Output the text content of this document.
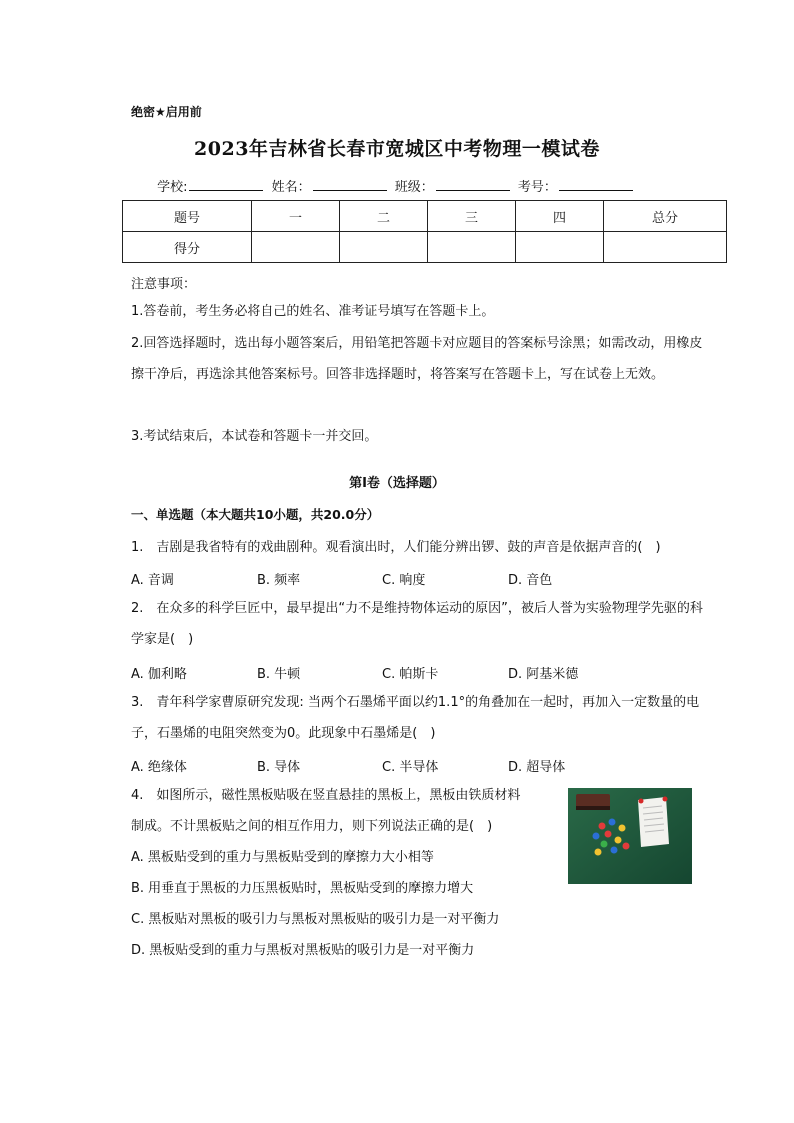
绝密★启用前
2023年吉林省长春市宽城区中考物理一模试卷
学校:	姓名：	班级：	考号：
题号	一	二	三	四	总分
得分					
注意事项：
1.答卷前，考生务必将自己的姓名、准考证号填写在答题卡上。
2.回答选择题时，选出每小题答案后，用铅笔把答题卡对应题目的答案标号涂黑；如需改动，用橡皮擦干净后，再选涂其他答案标号。回答非选择题时，将答案写在答题卡上，写在试卷上无效。
3.考试结束后，本试卷和答题卡一并交回。
第I卷（选择题）
一、单选题（本大题共10小题，共20.0分）
1.　吉剧是我省特有的戏曲剧种。观看演出时，人们能分辨出锣、鼓的声音是依据声音的(　)
A. 音调	B. 频率	C. 响度	D. 音色
2.　在众多的科学巨匠中，最早提出“力不是维持物体运动的原因”，被后人誉为实验物理学先驱的科学家是(　)
A. 伽利略	B. 牛顿	C. 帕斯卡	D. 阿基米德
3.　青年科学家曹原研究发现: 当两个石墨烯平面以约1.1°的角叠加在一起时，再加入一定数量的电子，石墨烯的电阻突然变为0。此现象中石墨烯是(　)
A. 绝缘体	B. 导体	C. 半导体	D. 超导体
4.　如图所示，磁性黑板贴吸在竖直悬挂的黑板上，黑板由铁质材料
制成。不计黑板贴之间的相互作用力，则下列说法正确的是(　)
A. 黑板贴受到的重力与黑板贴受到的摩擦力大小相等
B. 用垂直于黑板的力压黑板贴时，黑板贴受到的摩擦力增大
C. 黑板贴对黑板的吸引力与黑板对黑板贴的吸引力是一对平衡力
D. 黑板贴受到的重力与黑板对黑板贴的吸引力是一对平衡力
